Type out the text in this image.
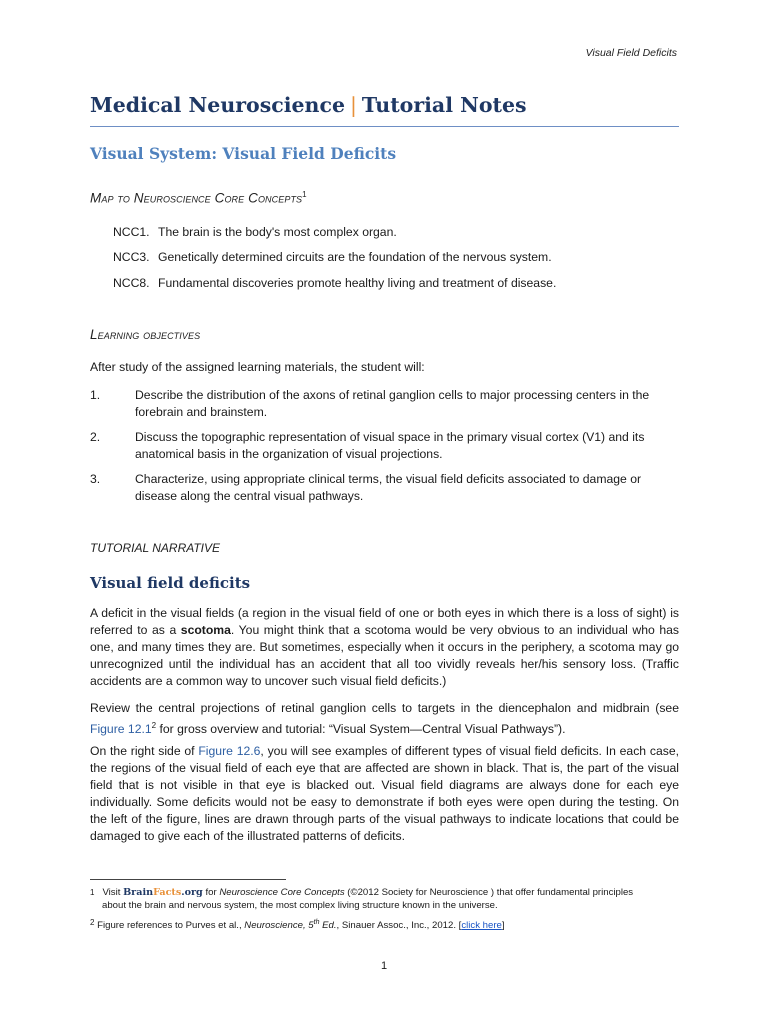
Visual Field Deficits
Medical Neuroscience | Tutorial Notes
Visual System: Visual Field Deficits
Map to Neuroscience Core Concepts$^1$
NCC1. The brain is the body's most complex organ.
NCC3. Genetically determined circuits are the foundation of the nervous system.
NCC8. Fundamental discoveries promote healthy living and treatment of disease.
Learning objectives
After study of the assigned learning materials, the student will:
1.	Describe the distribution of the axons of retinal ganglion cells to major processing centers in the forebrain and brainstem.
2.	Discuss the topographic representation of visual space in the primary visual cortex (V1) and its anatomical basis in the organization of visual projections.
3.	Characterize, using appropriate clinical terms, the visual field deficits associated to damage or disease along the central visual pathways.
TUTORIAL NARRATIVE
Visual field deficits
A deficit in the visual fields (a region in the visual field of one or both eyes in which there is a loss of sight) is referred to as a scotoma. You might think that a scotoma would be very obvious to an individual who has one, and many times they are. But sometimes, especially when it occurs in the periphery, a scotoma may go unrecognized until the individual has an accident that all too vividly reveals her/his sensory loss. (Traffic accidents are a common way to uncover such visual field deficits.)
Review the central projections of retinal ganglion cells to targets in the diencephalon and midbrain (see Figure 12.1$^2$ for gross overview and tutorial: “Visual System—Central Visual Pathways”).
On the right side of Figure 12.6, you will see examples of different types of visual field deficits. In each case, the regions of the visual field of each eye that are affected are shown in black. That is, the part of the visual field that is not visible in that eye is blacked out. Visual field diagrams are always done for each eye individually. Some deficits would not be easy to demonstrate if both eyes were open during the testing. On the left of the figure, lines are drawn through parts of the visual pathways to indicate locations that could be damaged to give each of the illustrated patterns of deficits.
$^1$ Visit BrainFacts.org for Neuroscience Core Concepts (©2012 Society for Neuroscience ) that offer fundamental principles
about the brain and nervous system, the most complex living structure known in the universe.
$^2$ Figure references to Purves et al., Neuroscience, 5th Ed., Sinauer Assoc., Inc., 2012. [click here]
1
